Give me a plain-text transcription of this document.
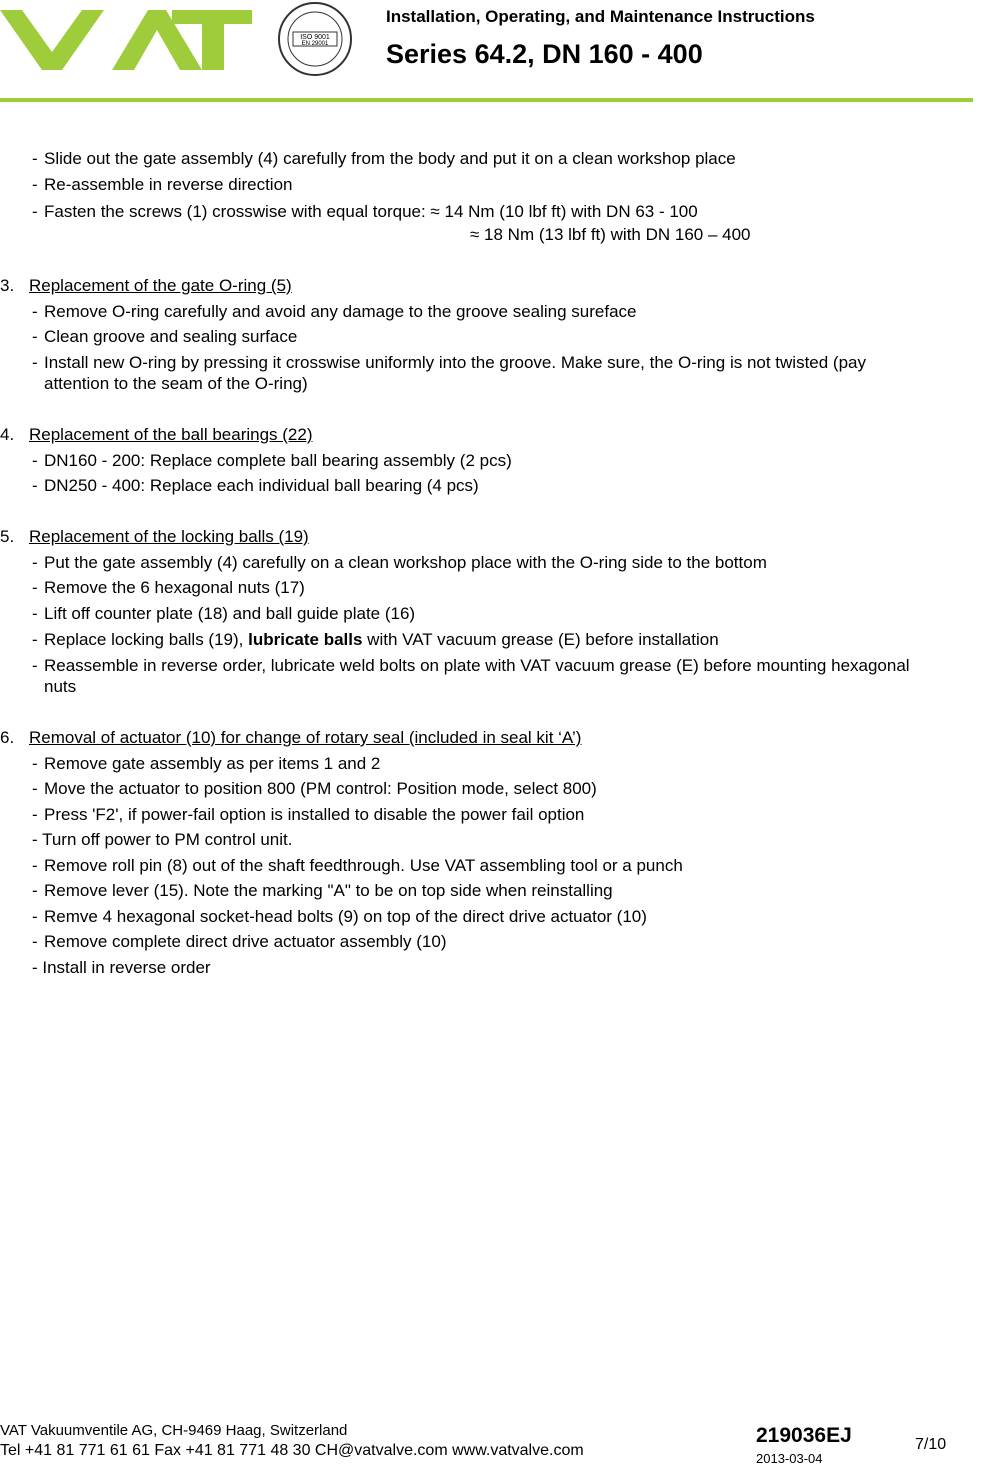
ISO 9001
EN 29001
Installation, Operating, and Maintenance Instructions
Series 64.2, DN 160 - 400
- Slide out the gate assembly (4) carefully from the body and put it on a clean workshop place
- Re-assemble in reverse direction
- Fasten the screws (1) crosswise with equal torque: ≈ 14 Nm (10 lbf ft) with DN 63 - 100
≈ 18 Nm (13 lbf ft) with DN 160 – 400
3. Replacement of the gate O-ring (5)
- Remove O-ring carefully and avoid any damage to the groove sealing sureface
- Clean groove and sealing surface
- Install new O-ring by pressing it crosswise uniformly into the groove. Make sure, the O-ring is not twisted (pay
attention to the seam of the O-ring)
4. Replacement of the ball bearings (22)
- DN160 - 200: Replace complete ball bearing assembly (2 pcs)
- DN250 - 400: Replace each individual ball bearing (4 pcs)
5. Replacement of the locking balls (19)
- Put the gate assembly (4) carefully on a clean workshop place with the O-ring side to the bottom
- Remove the 6 hexagonal nuts (17)
- Lift off counter plate (18) and ball guide plate (16)
- Replace locking balls (19), lubricate balls with VAT vacuum grease (E) before installation
- Reassemble in reverse order, lubricate weld bolts on plate with VAT vacuum grease (E) before mounting hexagonal
nuts
6. Removal of actuator (10) for change of rotary seal (included in seal kit ‘A’)
- Remove gate assembly as per items 1 and 2
- Move the actuator to position 800 (PM control: Position mode, select 800)
- Press 'F2', if power-fail option is installed to disable the power fail option
- Turn off power to PM control unit.
- Remove roll pin (8) out of the shaft feedthrough. Use VAT assembling tool or a punch
- Remove lever (15). Note the marking "A" to be on top side when reinstalling
- Remve 4 hexagonal socket-head bolts (9) on top of the direct drive actuator (10)
- Remove complete direct drive actuator assembly (10)
- Install in reverse order
VAT Vakuumventile AG, CH-9469 Haag, Switzerland
Tel +41 81 771 61 61 Fax +41 81 771 48 30 CH@vatvalve.com www.vatvalve.com
219036EJ
2013-03-04
7/10
